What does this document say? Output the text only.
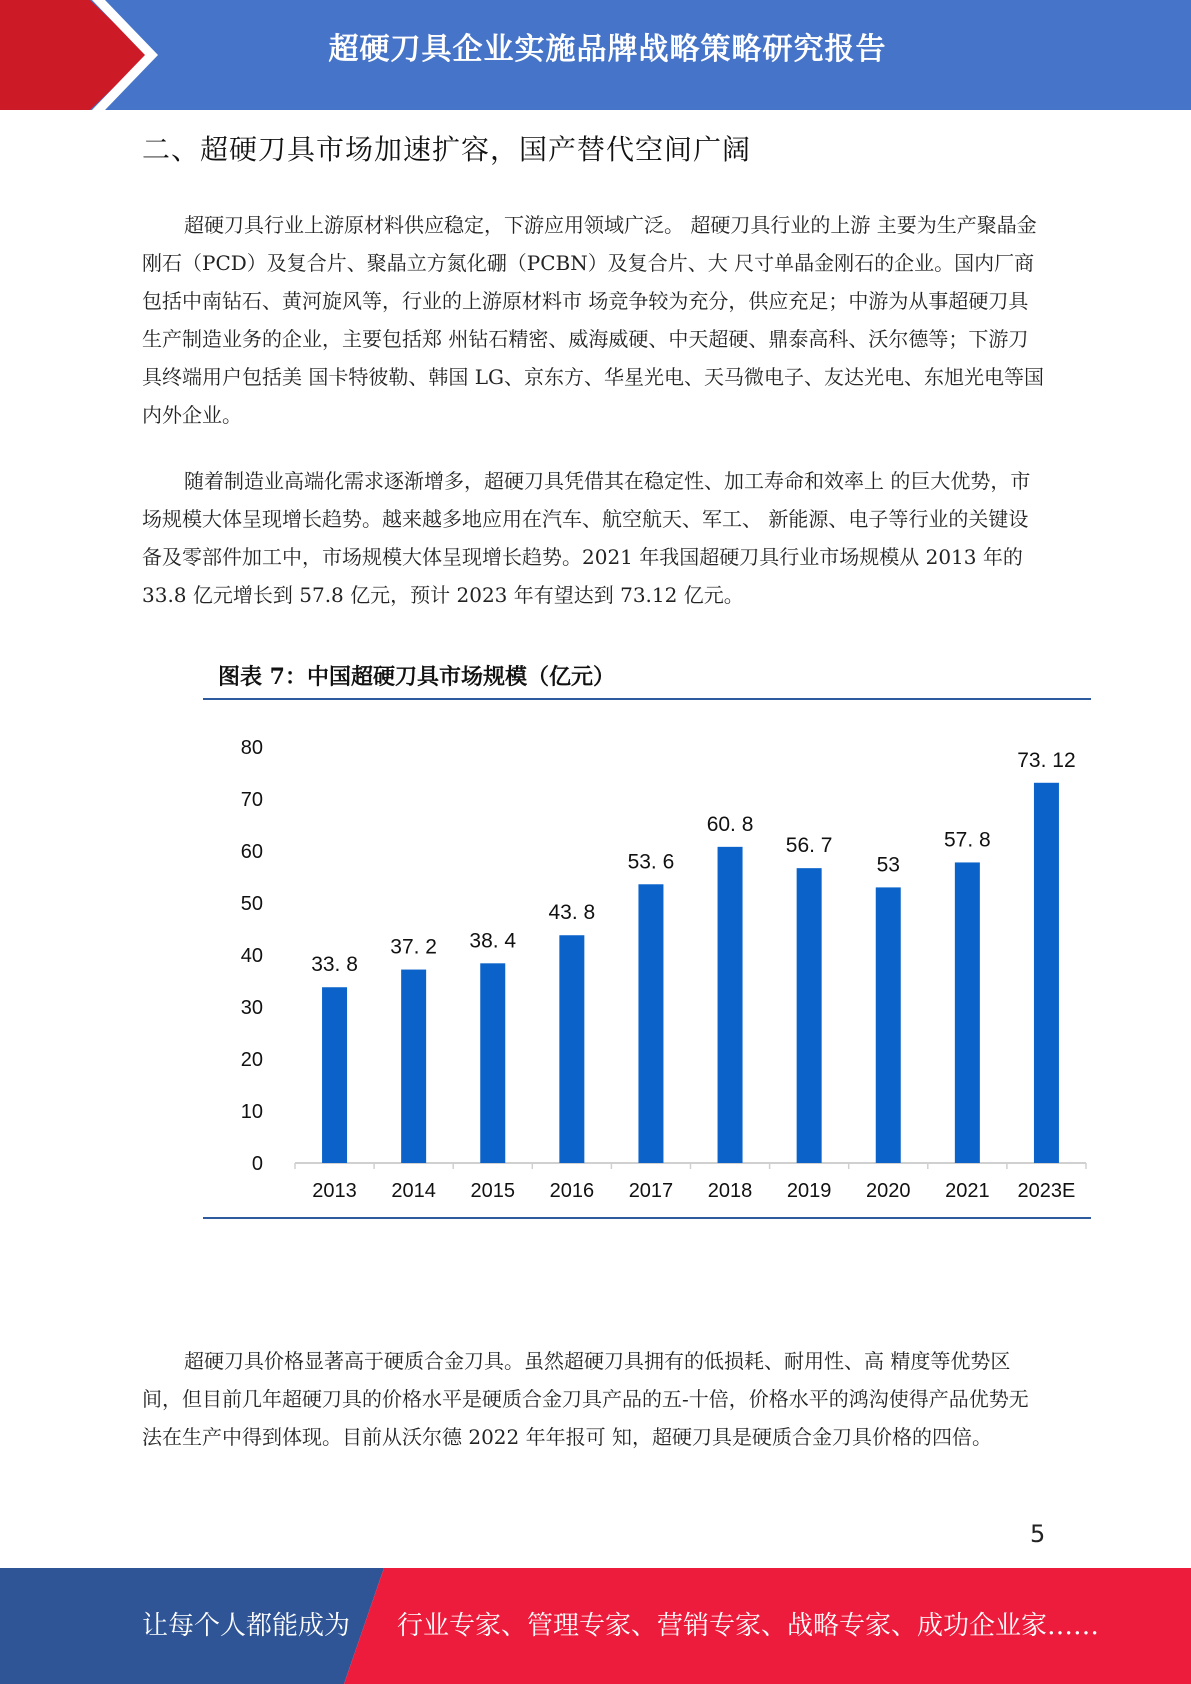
超硬刀具企业实施品牌战略策略研究报告
二、超硬刀具市场加速扩容，国产替代空间广阔

超硬刀具行业上游原材料供应稳定，下游应用领域广泛。 超硬刀具行业的上游 主要为生产聚晶金刚石（PCD）及复合片、聚晶立方氮化硼（PCBN）及复合片、大 尺寸单晶金刚石的企业。国内厂商包括中南钻石、黄河旋风等，行业的上游原材料市 场竞争较为充分，供应充足；中游为从事超硬刀具生产制造业务的企业，主要包括郑 州钻石精密、威海威硬、中天超硬、鼎泰高科、沃尔德等；下游刀具终端用户包括美 国卡特彼勒、韩国 LG、京东方、华星光电、天马微电子、友达光电、东旭光电等国 内外企业。

随着制造业高端化需求逐渐增多，超硬刀具凭借其在稳定性、加工寿命和效率上 的巨大优势，市场规模大体呈现增长趋势。越来越多地应用在汽车、航空航天、军工、 新能源、电子等行业的关键设备及零部件加工中，市场规模大体呈现增长趋势。2021 年我国超硬刀具行业市场规模从 2013 年的 33.8 亿元增长到 57.8 亿元，预计 2023 年有望达到 73.12 亿元。

图表 7：中国超硬刀具市场规模（亿元）
0
10
20
30
40
50
60
70
80
33. 8
2013
37. 2
2014
38. 4
2015
43. 8
2016
53. 6
2017
60. 8
2018
56. 7
2019
53
2020
57. 8
2021
73. 12
2023E

超硬刀具价格显著高于硬质合金刀具。虽然超硬刀具拥有的低损耗、耐用性、高 精度等优势区间，但目前几年超硬刀具的价格水平是硬质合金刀具产品的五-十倍，价格水平的鸿沟使得产品优势无法在生产中得到体现。目前从沃尔德 2022 年年报可 知，超硬刀具是硬质合金刀具价格的四倍。

5
让每个人都能成为 行业专家、管理专家、营销专家、战略专家、成功企业家……
